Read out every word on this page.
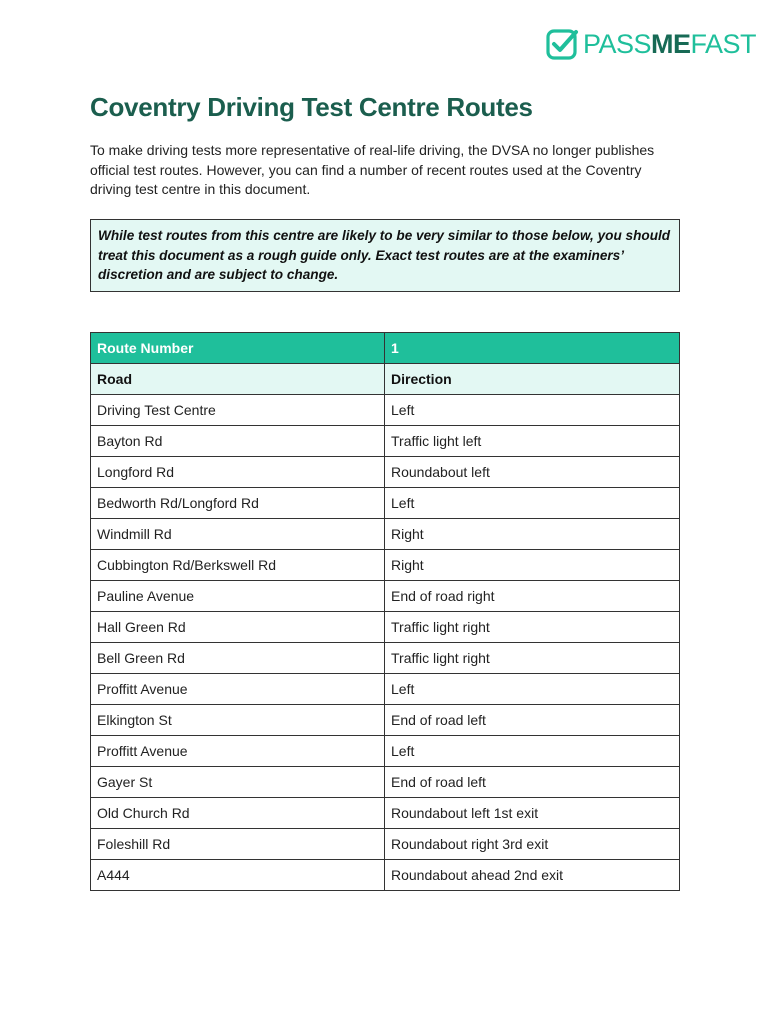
PASSMEFAST
Coventry Driving Test Centre Routes

To make driving tests more representative of real-life driving, the DVSA no longer publishes official test routes. However, you can find a number of recent routes used at the Coventry driving test centre in this document.

While test routes from this centre are likely to be very similar to those below, you should treat this document as a rough guide only. Exact test routes are at the examiners’ discretion and are subject to change.
Route Number	1
Road	Direction
Driving Test Centre	Left
Bayton Rd	Traffic light left
Longford Rd	Roundabout left
Bedworth Rd/Longford Rd	Left
Windmill Rd	Right
Cubbington Rd/Berkswell Rd	Right
Pauline Avenue	End of road right
Hall Green Rd	Traffic light right
Bell Green Rd	Traffic light right
Proffitt Avenue	Left
Elkington St	End of road left
Proffitt Avenue	Left
Gayer St	End of road left
Old Church Rd	Roundabout left 1st exit
Foleshill Rd	Roundabout right 3rd exit
A444	Roundabout ahead 2nd exit
